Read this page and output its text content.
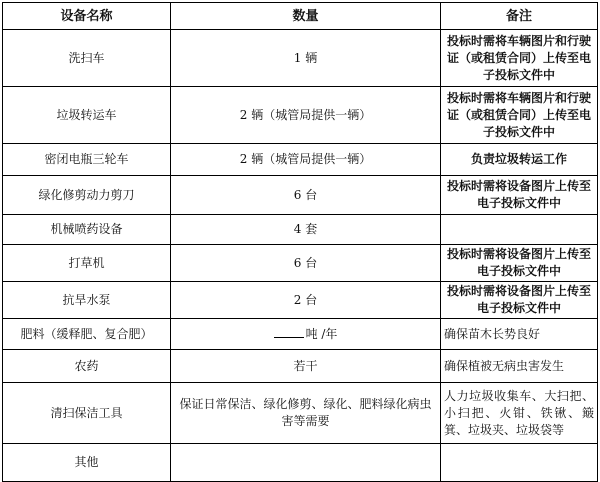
设备名称	数量	备注
洗扫车	1 辆	投标时需将车辆图片和行驶证（或租赁合同）上传至电子投标文件中
垃圾转运车	2 辆（城管局提供一辆）	投标时需将车辆图片和行驶证（或租赁合同）上传至电子投标文件中
密闭电瓶三轮车	2 辆（城管局提供一辆）	负责垃圾转运工作
绿化修剪动力剪刀	6 台	投标时需将设备图片上传至电子投标文件中
机械喷药设备	4 套	
打草机	6 台	投标时需将设备图片上传至电子投标文件中
抗旱水泵	2 台	投标时需将设备图片上传至电子投标文件中
肥料（缓释肥、复合肥）	吨 /年	确保苗木长势良好
农药	若干	确保植被无病虫害发生
清扫保洁工具	保证日常保洁、绿化修剪、绿化、肥料绿化病虫害等需要	人力垃圾收集车、大扫把、小扫把、火钳、铁锹、簸箕、垃圾夹、垃圾袋等
其他		
